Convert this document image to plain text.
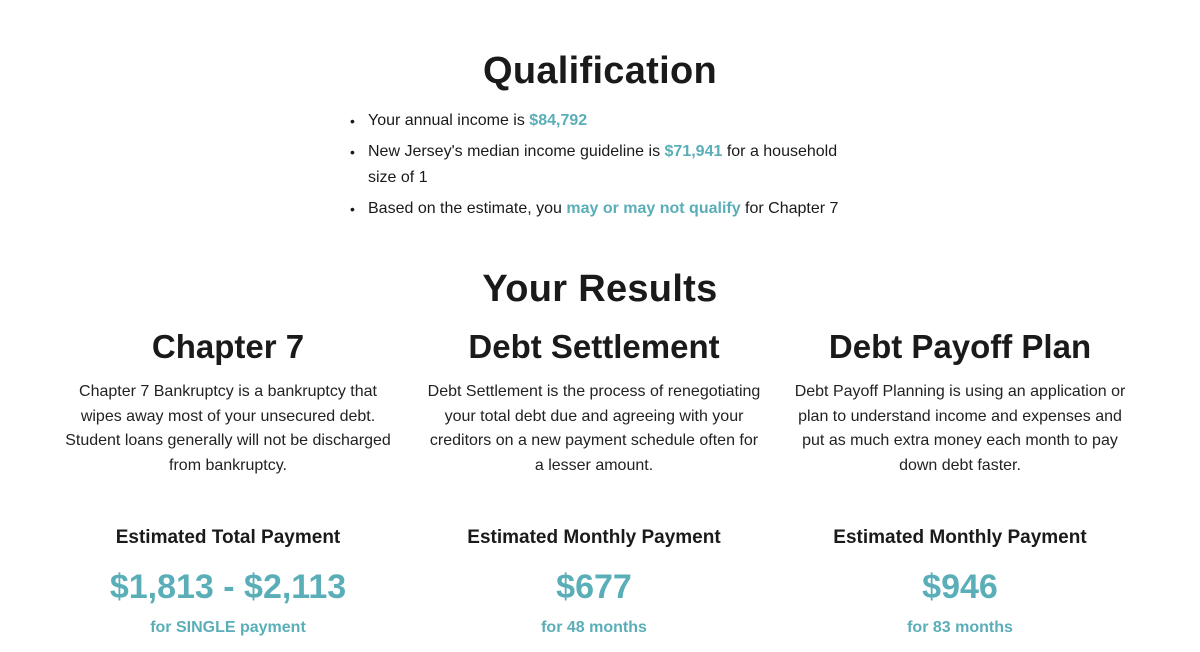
Qualification
• Your annual income is $84,792
• New Jersey's median income guideline is $71,941 for a household size of 1
• Based on the estimate, you may or may not qualify for Chapter 7
Your Results
Chapter 7

Chapter 7 Bankruptcy is a bankruptcy that wipes away most of your unsecured debt. Student loans generally will not be discharged from bankruptcy.

Estimated Total Payment
$1,813 - $2,113
for SINGLE payment
Debt Settlement

Debt Settlement is the process of renegotiating your total debt due and agreeing with your creditors on a new payment schedule often for a lesser amount.

Estimated Monthly Payment
$677
for 48 months
Debt Payoff Plan

Debt Payoff Planning is using an application or plan to understand income and expenses and put as much extra money each month to pay down debt faster.

Estimated Monthly Payment
$946
for 83 months
